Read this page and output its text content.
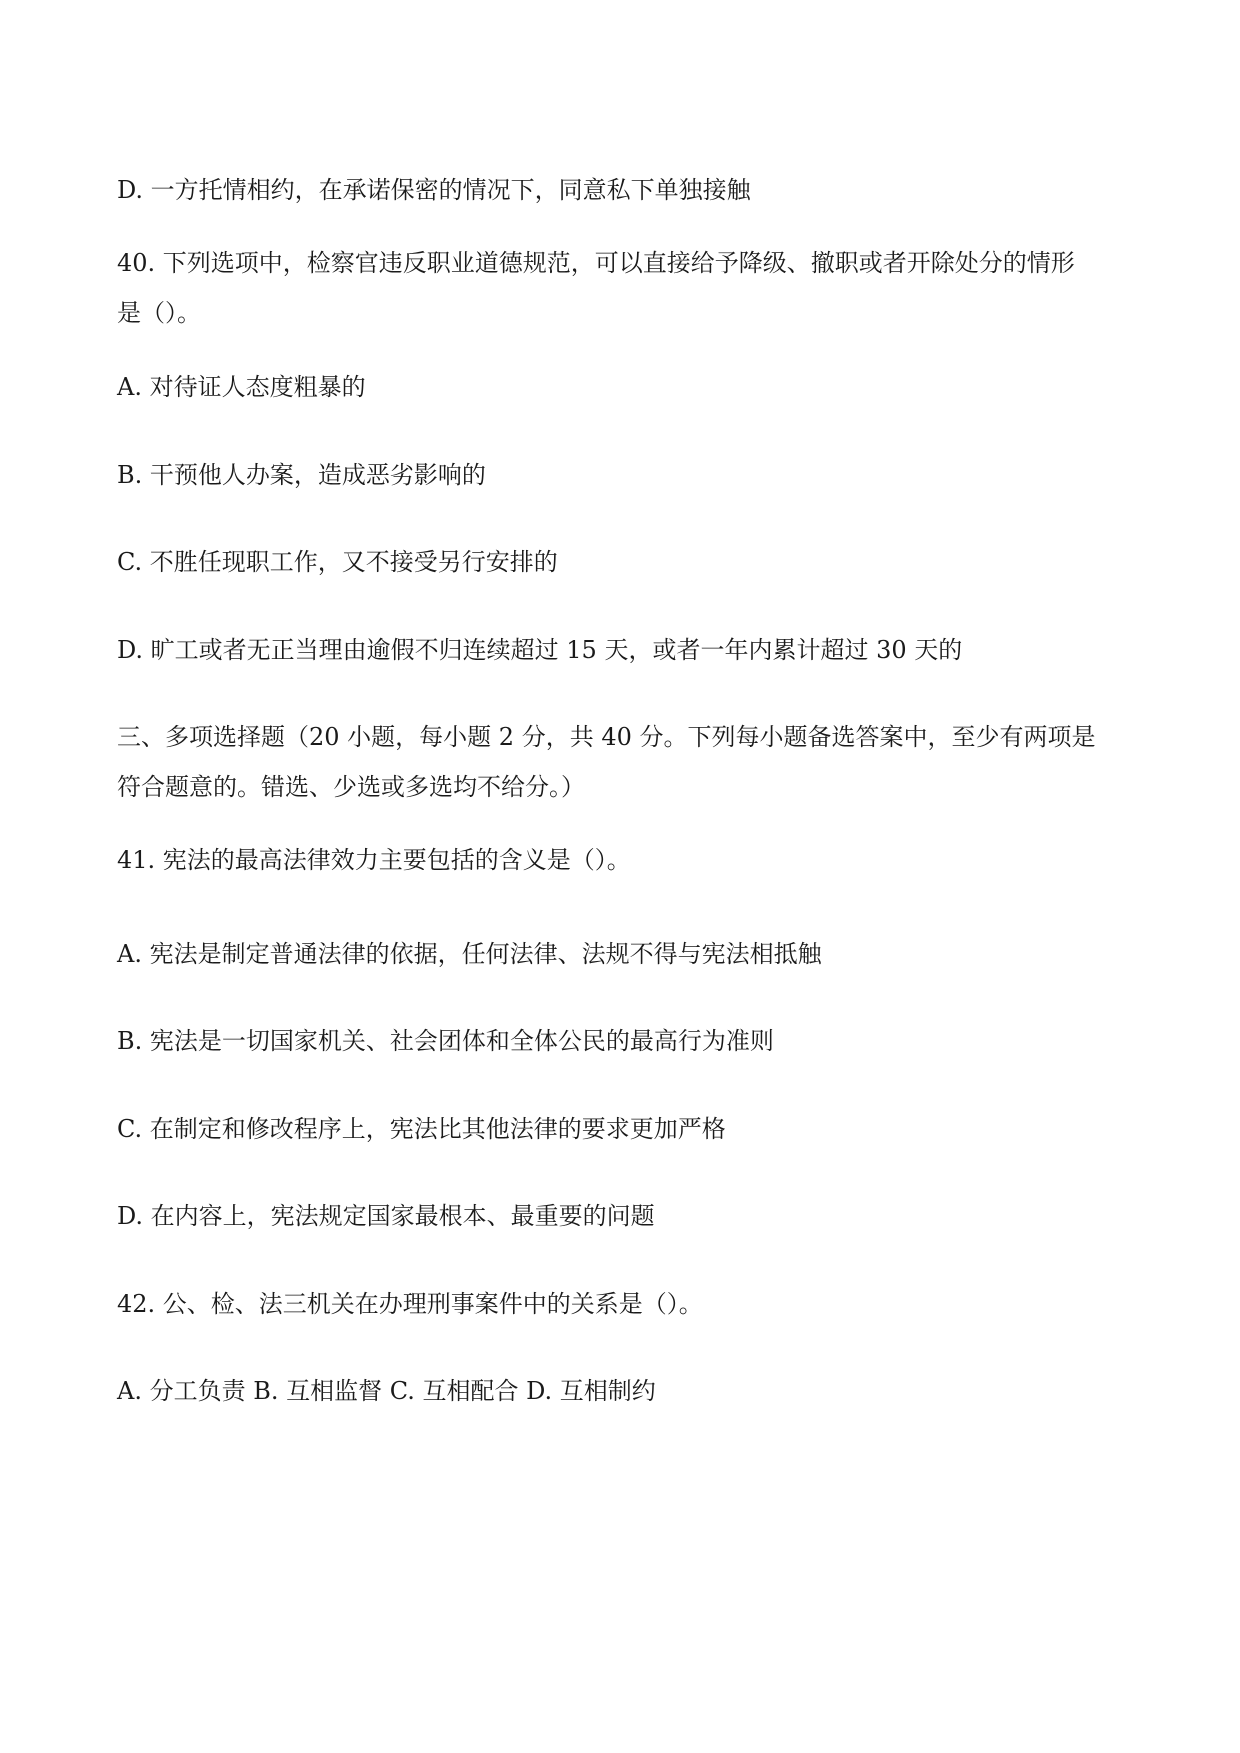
D. 一方托情相约，在承诺保密的情况下，同意私下单独接触
40. 下列选项中，检察官违反职业道德规范，可以直接给予降级、撤职或者开除处分的情形
是（）。
A. 对待证人态度粗暴的
B. 干预他人办案，造成恶劣影响的
C. 不胜任现职工作，又不接受另行安排的
D. 旷工或者无正当理由逾假不归连续超过 15 天，或者一年内累计超过 30 天的
三、多项选择题（20 小题，每小题 2 分，共 40 分。下列每小题备选答案中，至少有两项是
符合题意的。错选、少选或多选均不给分。）
41. 宪法的最高法律效力主要包括的含义是（）。
A. 宪法是制定普通法律的依据，任何法律、法规不得与宪法相抵触
B. 宪法是一切国家机关、社会团体和全体公民的最高行为准则
C. 在制定和修改程序上，宪法比其他法律的要求更加严格
D. 在内容上，宪法规定国家最根本、最重要的问题
42. 公、检、法三机关在办理刑事案件中的关系是（）。
A. 分工负责 B. 互相监督 C. 互相配合 D. 互相制约
